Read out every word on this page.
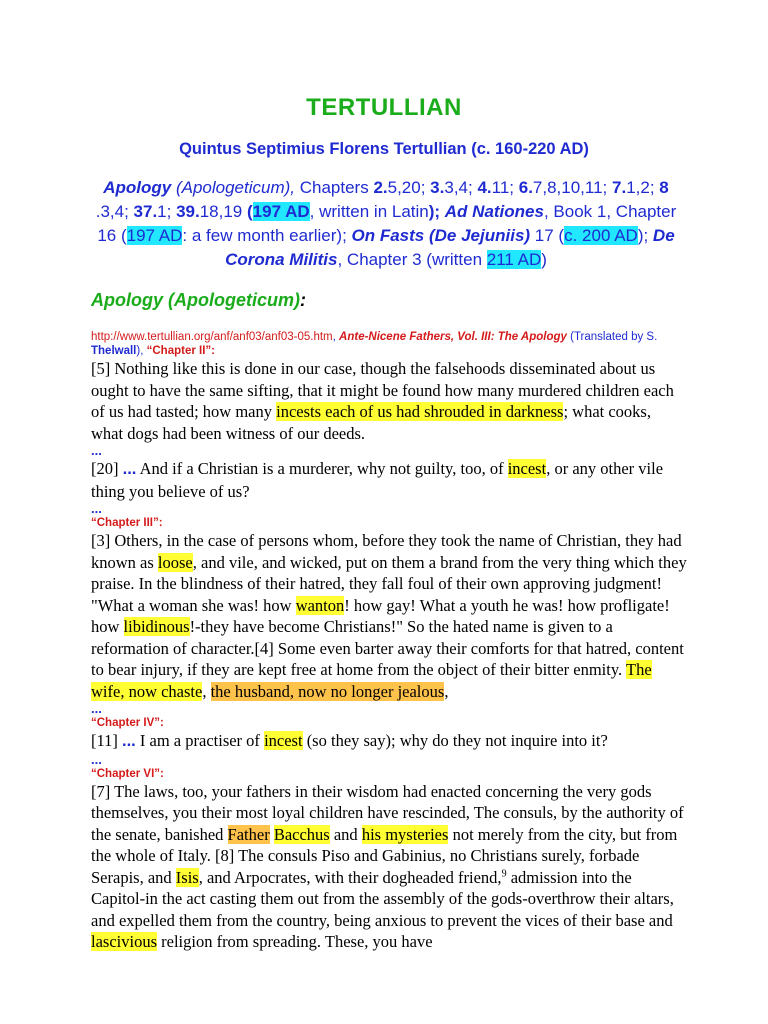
TERTULLIAN
Quintus Septimius Florens Tertullian (c. 160-220 AD)
Apology (Apologeticum), Chapters 2.5,20; 3.3,4; 4.11; 6.7,8,10,11; 7.1,2; 8 .3,4; 37.1; 39.18,19 (197 AD, written in Latin); Ad Nationes, Book 1, Chapter 16 (197 AD: a few month earlier); On Fasts (De Jejuniis) 17 (c. 200 AD); De Corona Militis, Chapter 3 (written 211 AD)
Apology (Apologeticum):
http://www.tertullian.org/anf/anf03/anf03-05.htm, Ante-Nicene Fathers, Vol. III: The Apology (Translated by S. Thelwall), “Chapter II”:

[5] Nothing like this is done in our case, though the falsehoods disseminated about us ought to have the same sifting, that it might be found how many murdered children each of us had tasted; how many incests each of us had shrouded in darkness; what cooks, what dogs had been witness of our deeds.

...

[20] ... And if a Christian is a murderer, why not guilty, too, of incest, or any other vile thing you believe of us?

...
“Chapter III”:

[3] Others, in the case of persons whom, before they took the name of Christian, they had known as loose, and vile, and wicked, put on them a brand from the very thing which they praise. In the blindness of their hatred, they fall foul of their own approving judgment! "What a woman she was! how wanton! how gay! What a youth he was! how profligate! how libidinous!-they have become Christians!" So the hated name is given to a reformation of character.[4] Some even barter away their comforts for that hatred, content to bear injury, if they are kept free at home from the object of their bitter enmity. The wife, now chaste, the husband, now no longer jealous,

...
“Chapter IV”:

[11] ... I am a practiser of incest (so they say); why do they not inquire into it?

...
“Chapter VI”:

[7] The laws, too, your fathers in their wisdom had enacted concerning the very gods themselves, you their most loyal children have rescinded, The consuls, by the authority of the senate, banished Father Bacchus and his mysteries not merely from the city, but from the whole of Italy. [8] The consuls Piso and Gabinius, no Christians surely, forbade Serapis, and Isis, and Arpocrates, with their dogheaded friend,$^9$ admission into the Capitol-in the act casting them out from the assembly of the gods-overthrow their altars, and expelled them from the country, being anxious to prevent the vices of their base and lascivious religion from spreading. These, you have
